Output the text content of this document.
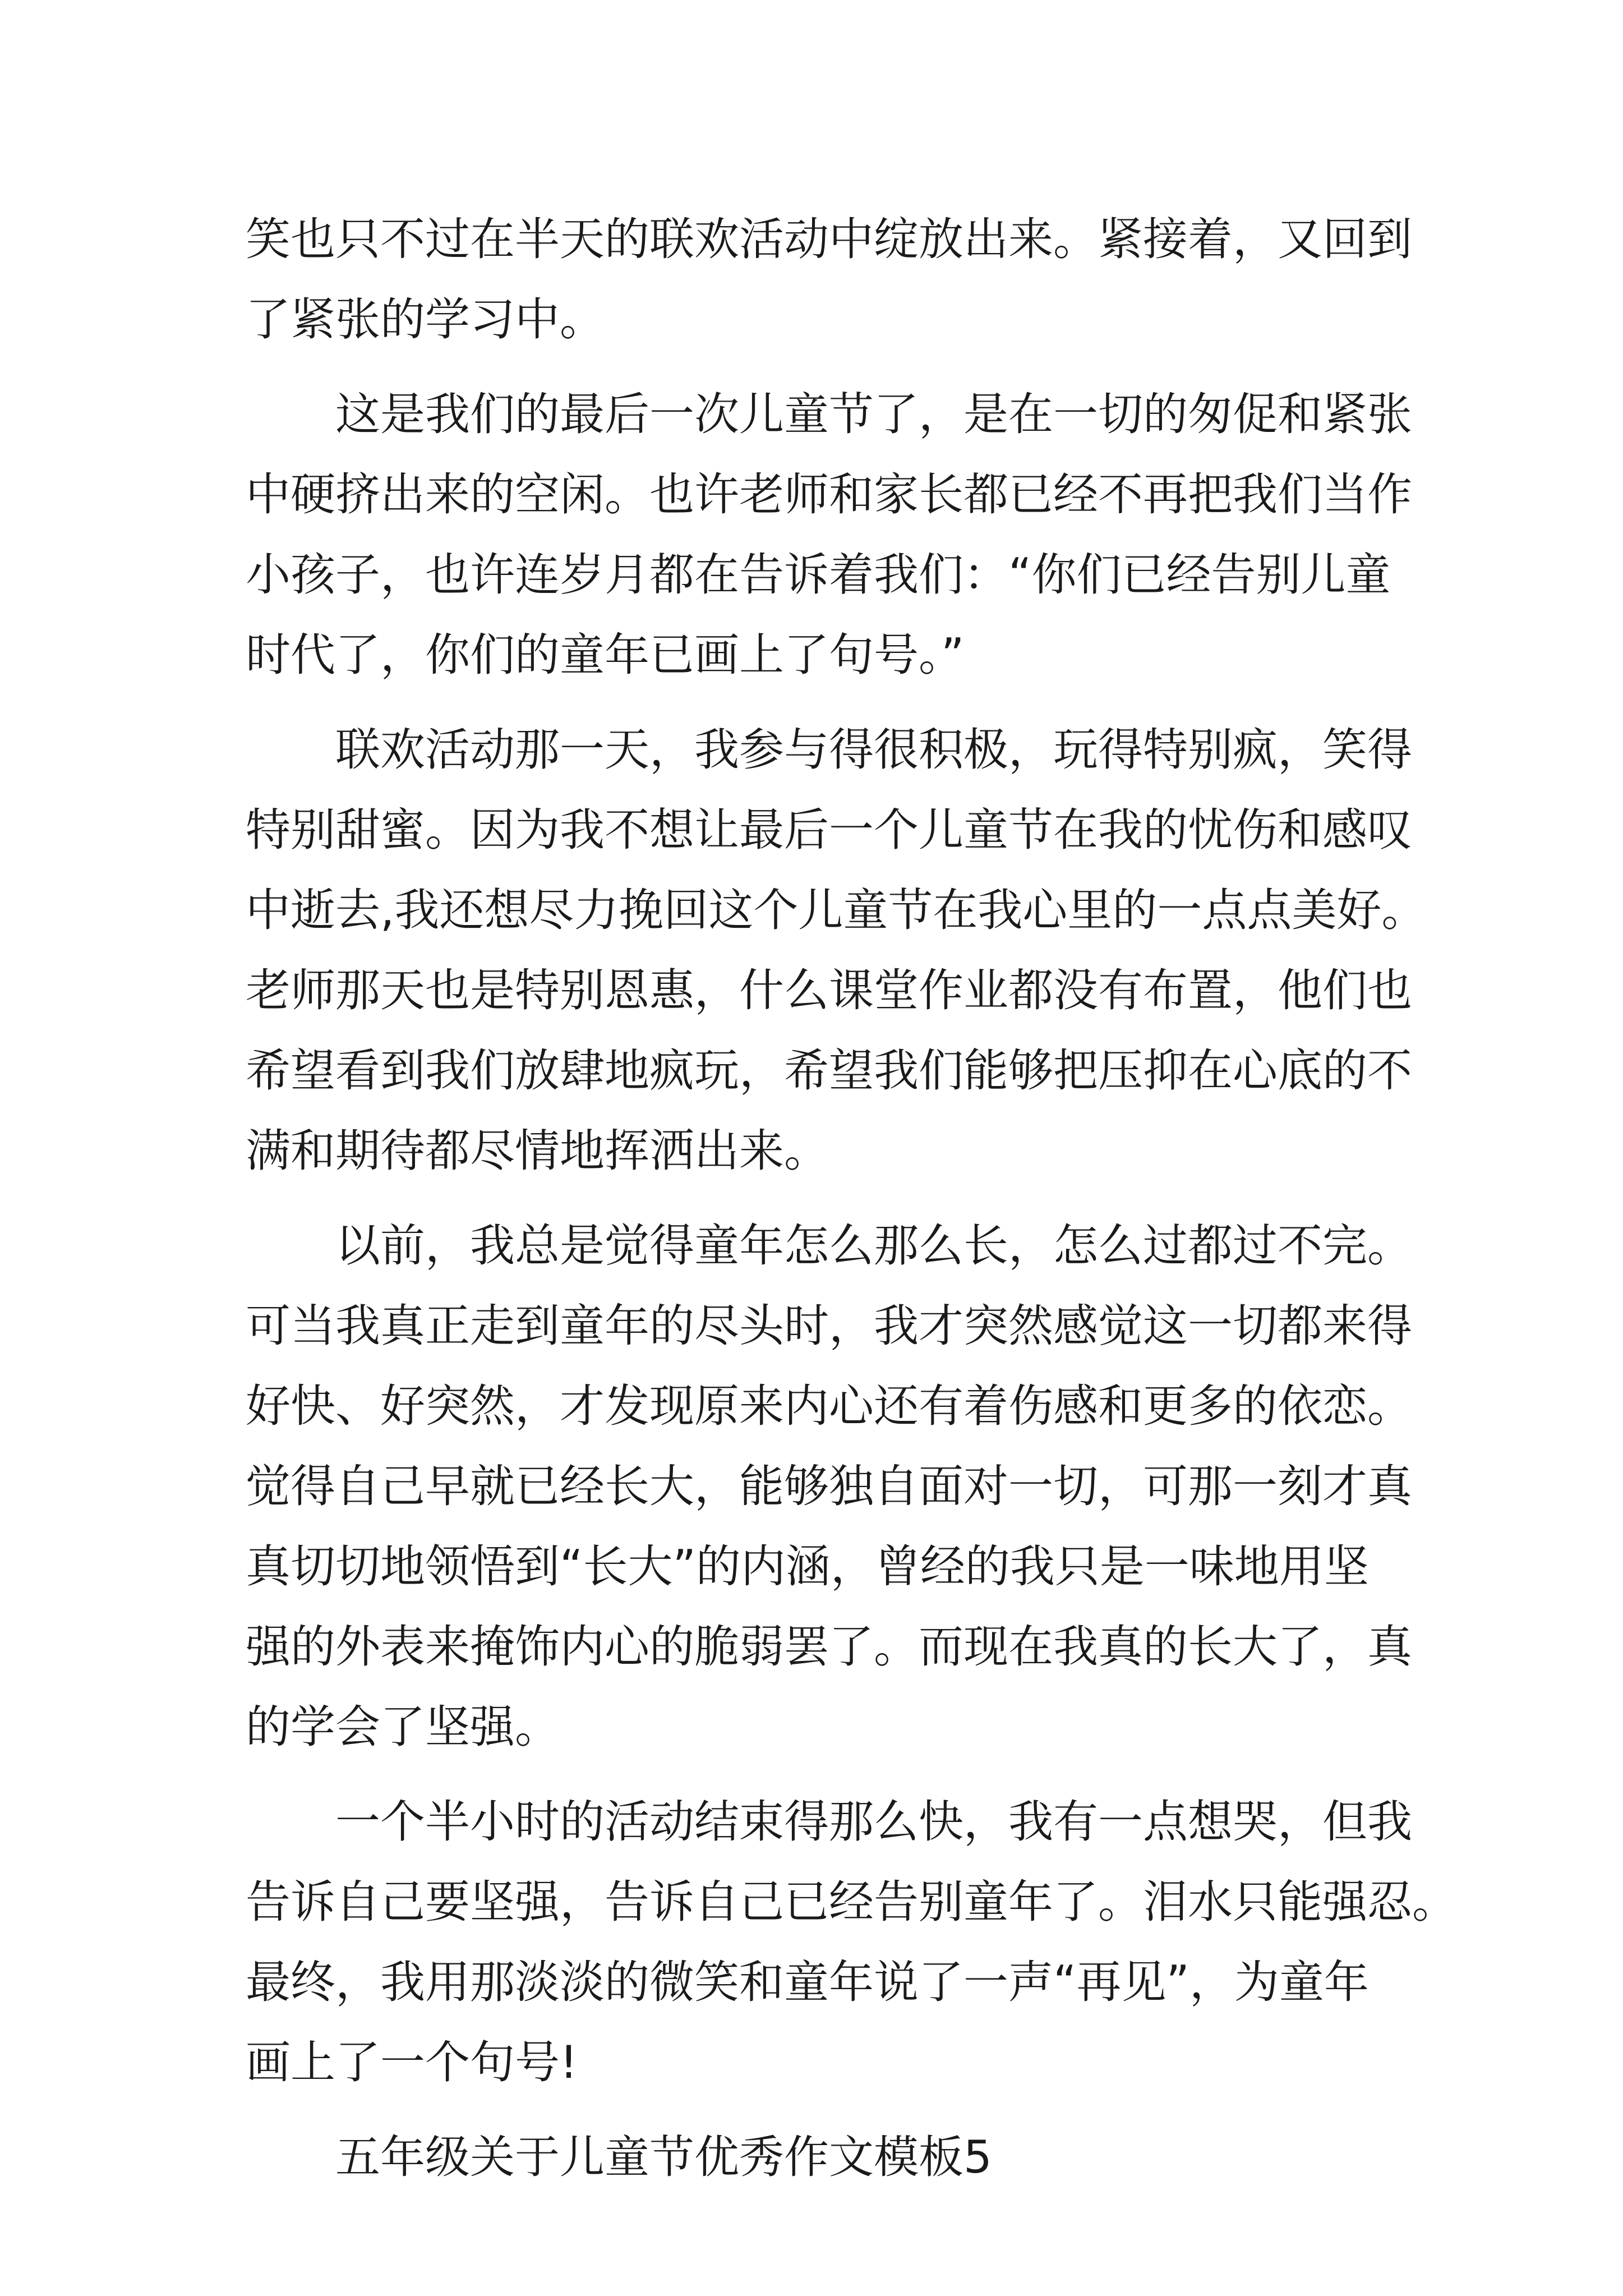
笑也只不过在半天的联欢活动中绽放出来。紧接着，又回到
了紧张的学习中。
这是我们的最后一次儿童节了，是在一切的匆促和紧张
中硬挤出来的空闲。也许老师和家长都已经不再把我们当作
小孩子，也许连岁月都在告诉着我们：“你们已经告别儿童
时代了，你们的童年已画上了句号。”
联欢活动那一天，我参与得很积极，玩得特别疯，笑得
特别甜蜜。因为我不想让最后一个儿童节在我的忧伤和感叹
中逝去,我还想尽力挽回这个儿童节在我心里的一点点美好。
老师那天也是特别恩惠，什么课堂作业都没有布置，他们也
希望看到我们放肆地疯玩，希望我们能够把压抑在心底的不
满和期待都尽情地挥洒出来。
以前，我总是觉得童年怎么那么长，怎么过都过不完。
可当我真正走到童年的尽头时，我才突然感觉这一切都来得
好快、好突然，才发现原来内心还有着伤感和更多的依恋。
觉得自己早就已经长大，能够独自面对一切，可那一刻才真
真切切地领悟到“长大”的内涵，曾经的我只是一味地用坚
强的外表来掩饰内心的脆弱罢了。而现在我真的长大了，真
的学会了坚强。
一个半小时的活动结束得那么快，我有一点想哭，但我
告诉自己要坚强，告诉自己已经告别童年了。泪水只能强忍。
最终，我用那淡淡的微笑和童年说了一声“再见”，为童年
画上了一个句号!
五年级关于儿童节优秀作文模板5
